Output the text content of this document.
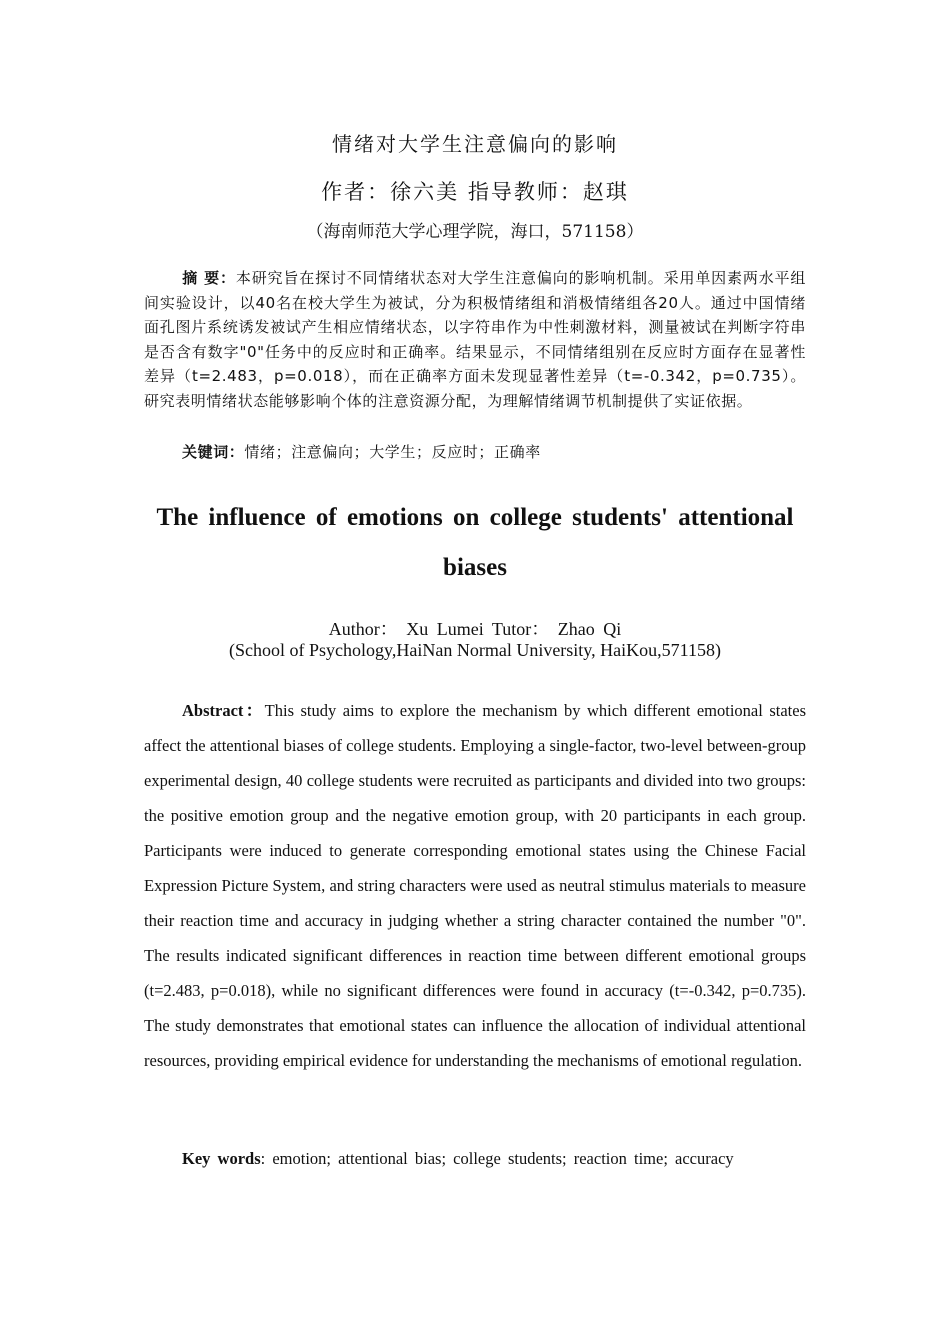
情绪对大学生注意偏向的影响
作者：徐六美 指导教师：赵琪
（海南师范大学心理学院，海口，571158）
摘 要：本研究旨在探讨不同情绪状态对大学生注意偏向的影响机制。采用单因素两水平组间实验设计，以40名在校大学生为被试，分为积极情绪组和消极情绪组各20人。通过中国情绪面孔图片系统诱发被试产生相应情绪状态，以字符串作为中性刺激材料，测量被试在判断字符串是否含有数字"0"任务中的反应时和正确率。结果显示，不同情绪组别在反应时方面存在显著性差异（t=2.483，p=0.018），而在正确率方面未发现显著性差异（t=-0.342，p=0.735）。研究表明情绪状态能够影响个体的注意资源分配，为理解情绪调节机制提供了实证依据。
关键词：情绪；注意偏向；大学生；反应时；正确率
The influence of emotions on college students' attentional biases
Author： Xu Lumei Tutor： Zhao Qi
(School of Psychology,HaiNan Normal University, HaiKou,571158)
Abstract：This study aims to explore the mechanism by which different emotional states affect the attentional biases of college students. Employing a single-factor, two-level between-group experimental design, 40 college students were recruited as participants and divided into two groups: the positive emotion group and the negative emotion group, with 20 participants in each group. Participants were induced to generate corresponding emotional states using the Chinese Facial Expression Picture System, and string characters were used as neutral stimulus materials to measure their reaction time and accuracy in judging whether a string character contained the number "0". The results indicated significant differences in reaction time between different emotional groups (t=2.483, p=0.018), while no significant differences were found in accuracy (t=-0.342, p=0.735). The study demonstrates that emotional states can influence the allocation of individual attentional resources, providing empirical evidence for understanding the mechanisms of emotional regulation.
Key words: emotion; attentional bias; college students; reaction time; accuracy
